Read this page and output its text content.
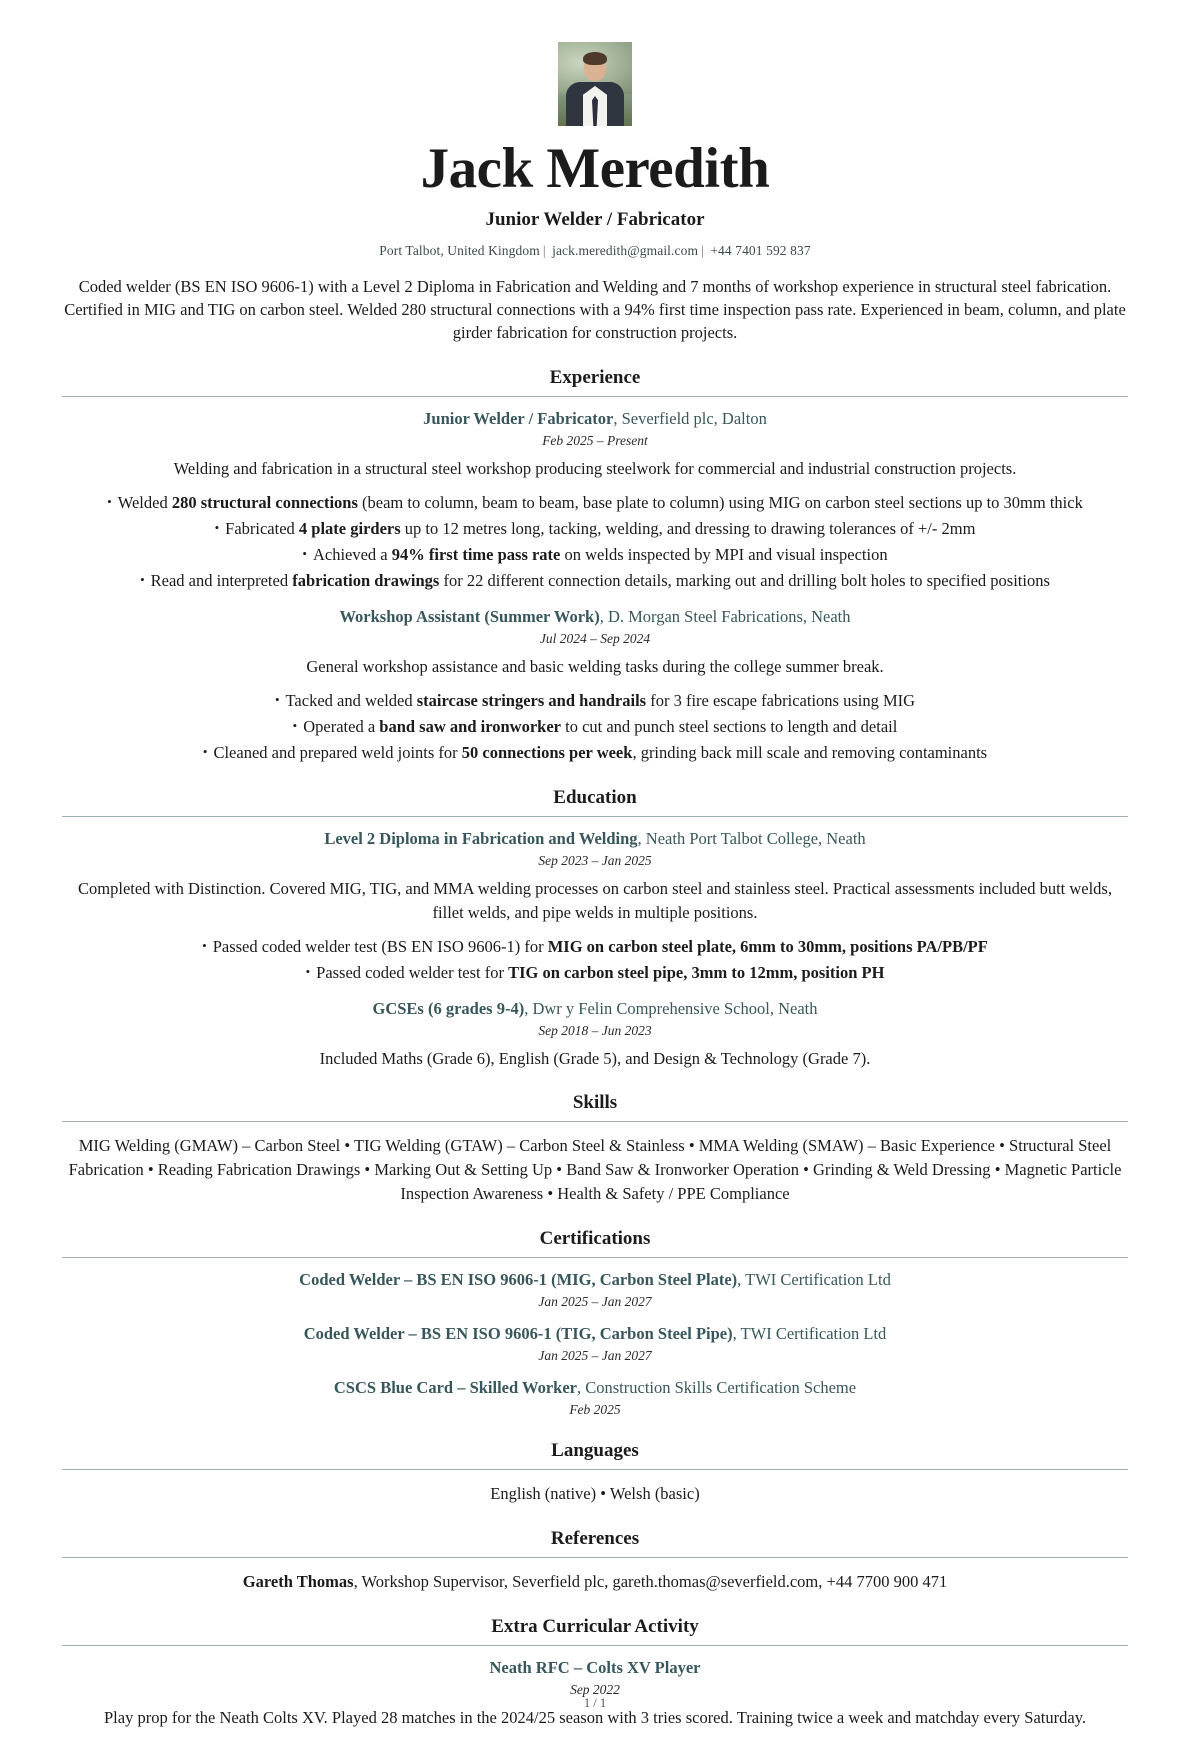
Jack Meredith
Junior Welder / Fabricator
Port Talbot, United Kingdom | jack.meredith@gmail.com | +44 7401 592 837
Coded welder (BS EN ISO 9606-1) with a Level 2 Diploma in Fabrication and Welding and 7 months of workshop experience in structural steel fabrication. Certified in MIG and TIG on carbon steel. Welded 280 structural connections with a 94% first time inspection pass rate. Experienced in beam, column, and plate girder fabrication for construction projects.
Experience
Junior Welder / Fabricator, Severfield plc, Dalton
Feb 2025 – Present
Welding and fabrication in a structural steel workshop producing steelwork for commercial and industrial construction projects.
• Welded 280 structural connections (beam to column, beam to beam, base plate to column) using MIG on carbon steel sections up to 30mm thick
• Fabricated 4 plate girders up to 12 metres long, tacking, welding, and dressing to drawing tolerances of +/- 2mm
• Achieved a 94% first time pass rate on welds inspected by MPI and visual inspection
• Read and interpreted fabrication drawings for 22 different connection details, marking out and drilling bolt holes to specified positions
Workshop Assistant (Summer Work), D. Morgan Steel Fabrications, Neath
Jul 2024 – Sep 2024
General workshop assistance and basic welding tasks during the college summer break.
• Tacked and welded staircase stringers and handrails for 3 fire escape fabrications using MIG
• Operated a band saw and ironworker to cut and punch steel sections to length and detail
• Cleaned and prepared weld joints for 50 connections per week, grinding back mill scale and removing contaminants
Education
Level 2 Diploma in Fabrication and Welding, Neath Port Talbot College, Neath
Sep 2023 – Jan 2025
Completed with Distinction. Covered MIG, TIG, and MMA welding processes on carbon steel and stainless steel. Practical assessments included butt welds, fillet welds, and pipe welds in multiple positions.
• Passed coded welder test (BS EN ISO 9606-1) for MIG on carbon steel plate, 6mm to 30mm, positions PA/PB/PF
• Passed coded welder test for TIG on carbon steel pipe, 3mm to 12mm, position PH
GCSEs (6 grades 9-4), Dwr y Felin Comprehensive School, Neath
Sep 2018 – Jun 2023
Included Maths (Grade 6), English (Grade 5), and Design & Technology (Grade 7).
Skills
MIG Welding (GMAW) – Carbon Steel • TIG Welding (GTAW) – Carbon Steel & Stainless • MMA Welding (SMAW) – Basic Experience • Structural Steel Fabrication • Reading Fabrication Drawings • Marking Out & Setting Up • Band Saw & Ironworker Operation • Grinding & Weld Dressing • Magnetic Particle Inspection Awareness • Health & Safety / PPE Compliance
Certifications
Coded Welder – BS EN ISO 9606-1 (MIG, Carbon Steel Plate), TWI Certification Ltd
Jan 2025 – Jan 2027
Coded Welder – BS EN ISO 9606-1 (TIG, Carbon Steel Pipe), TWI Certification Ltd
Jan 2025 – Jan 2027
CSCS Blue Card – Skilled Worker, Construction Skills Certification Scheme
Feb 2025
Languages
English (native) • Welsh (basic)
References
Gareth Thomas, Workshop Supervisor, Severfield plc, gareth.thomas@severfield.com, +44 7700 900 471
Extra Curricular Activity
Neath RFC – Colts XV Player
Sep 2022
Play prop for the Neath Colts XV. Played 28 matches in the 2024/25 season with 3 tries scored. Training twice a week and matchday every Saturday.
1 / 1
